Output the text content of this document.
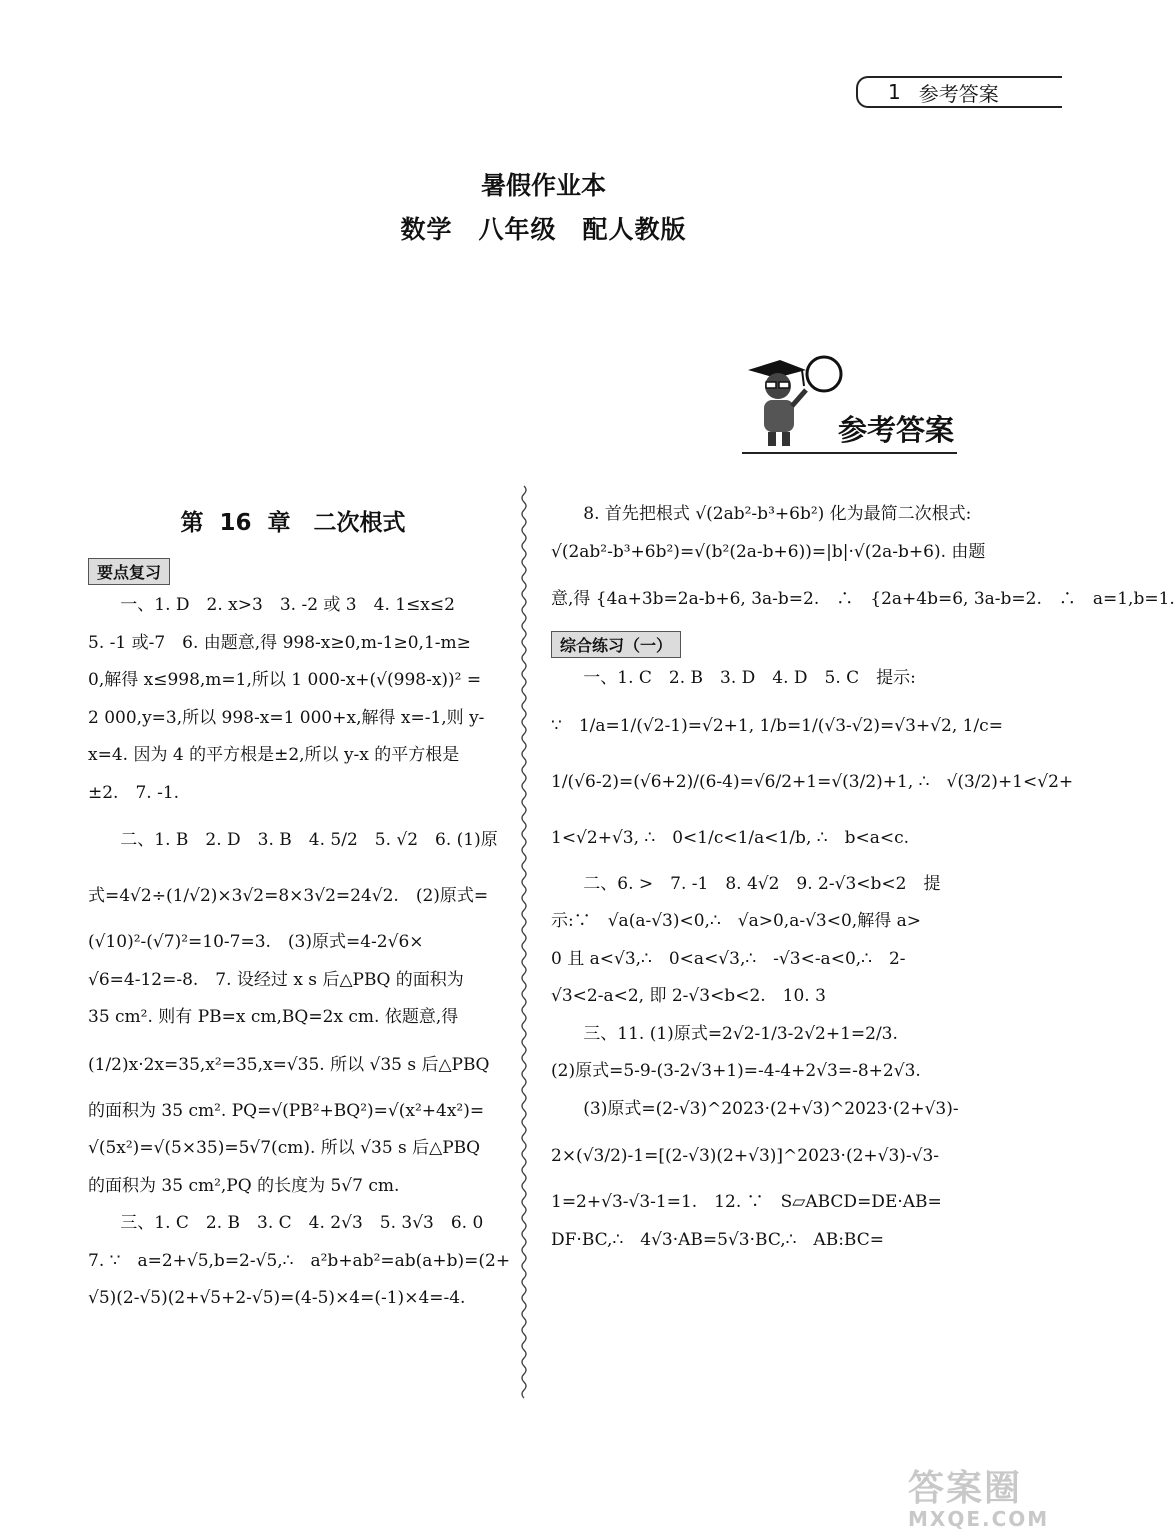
1 参考答案
暑假作业本
数学　八年级　配人教版
参考答案
第 16 章　二次根式
要点复习
一、1. D　2. x>3　3. -2 或 3　4. 1≤x≤2
5. -1 或-7　6. 由题意,得 998-x≥0,m-1≥0,1-m≥
0,解得 x≤998,m=1,所以 1 000-x+(√(998-x))² =
2 000,y=3,所以 998-x=1 000+x,解得 x=-1,则 y-
x=4. 因为 4 的平方根是±2,所以 y-x 的平方根是
±2.　7. -1.
二、1. B　2. D　3. B　4. 5/2　5. √2　6. (1)原
式=4√2÷(1/√2)×3√2=8×3√2=24√2.　(2)原式=
(√10)²-(√7)²=10-7=3.　(3)原式=4-2√6×
√6=4-12=-8.　7. 设经过 x s 后△PBQ 的面积为
35 cm². 则有 PB=x cm,BQ=2x cm. 依题意,得
(1/2)x·2x=35,x²=35,x=√35. 所以 √35 s 后△PBQ
的面积为 35 cm². PQ=√(PB²+BQ²)=√(x²+4x²)=
√(5x²)=√(5×35)=5√7(cm). 所以 √35 s 后△PBQ
的面积为 35 cm²,PQ 的长度为 5√7 cm.
三、1. C　2. B　3. C　4. 2√3　5. 3√3　6. 0
7. ∵　a=2+√5,b=2-√5,∴　a²b+ab²=ab(a+b)=(2+
√5)(2-√5)(2+√5+2-√5)=(4-5)×4=(-1)×4=-4.
8. 首先把根式 √(2ab²-b³+6b²) 化为最简二次根式:
√(2ab²-b³+6b²)=√(b²(2a-b+6))=|b|·√(2a-b+6). 由题
意,得 {4a+3b=2a-b+6, 3a-b=2.　∴　{2a+4b=6, 3a-b=2.　∴　a=1,b=1.
综合练习（一）
一、1. C　2. B　3. D　4. D　5. C　提示:
∵　1/a=1/(√2-1)=√2+1, 1/b=1/(√3-√2)=√3+√2, 1/c=
1/(√6-2)=(√6+2)/(6-4)=√6/2+1=√(3/2)+1, ∴　√(3/2)+1<√2+
1<√2+√3, ∴　0<1/c<1/a<1/b, ∴　b<a<c.
二、6. >　7. -1　8. 4√2　9. 2-√3<b<2　提
示:∵　√a(a-√3)<0,∴　√a>0,a-√3<0,解得 a>
0 且 a<√3,∴　0<a<√3,∴　-√3<-a<0,∴　2-
√3<2-a<2, 即 2-√3<b<2.　10. 3
三、11. (1)原式=2√2-1/3-2√2+1=2/3.
(2)原式=5-9-(3-2√3+1)=-4-4+2√3=-8+2√3.
(3)原式=(2-√3)^2023·(2+√3)^2023·(2+√3)-
2×(√3/2)-1=[(2-√3)(2+√3)]^2023·(2+√3)-√3-
1=2+√3-√3-1=1.　12. ∵　S▱ABCD=DE·AB=
DF·BC,∴　4√3·AB=5√3·BC,∴　AB:BC=
答案圈
MXQE.COM
